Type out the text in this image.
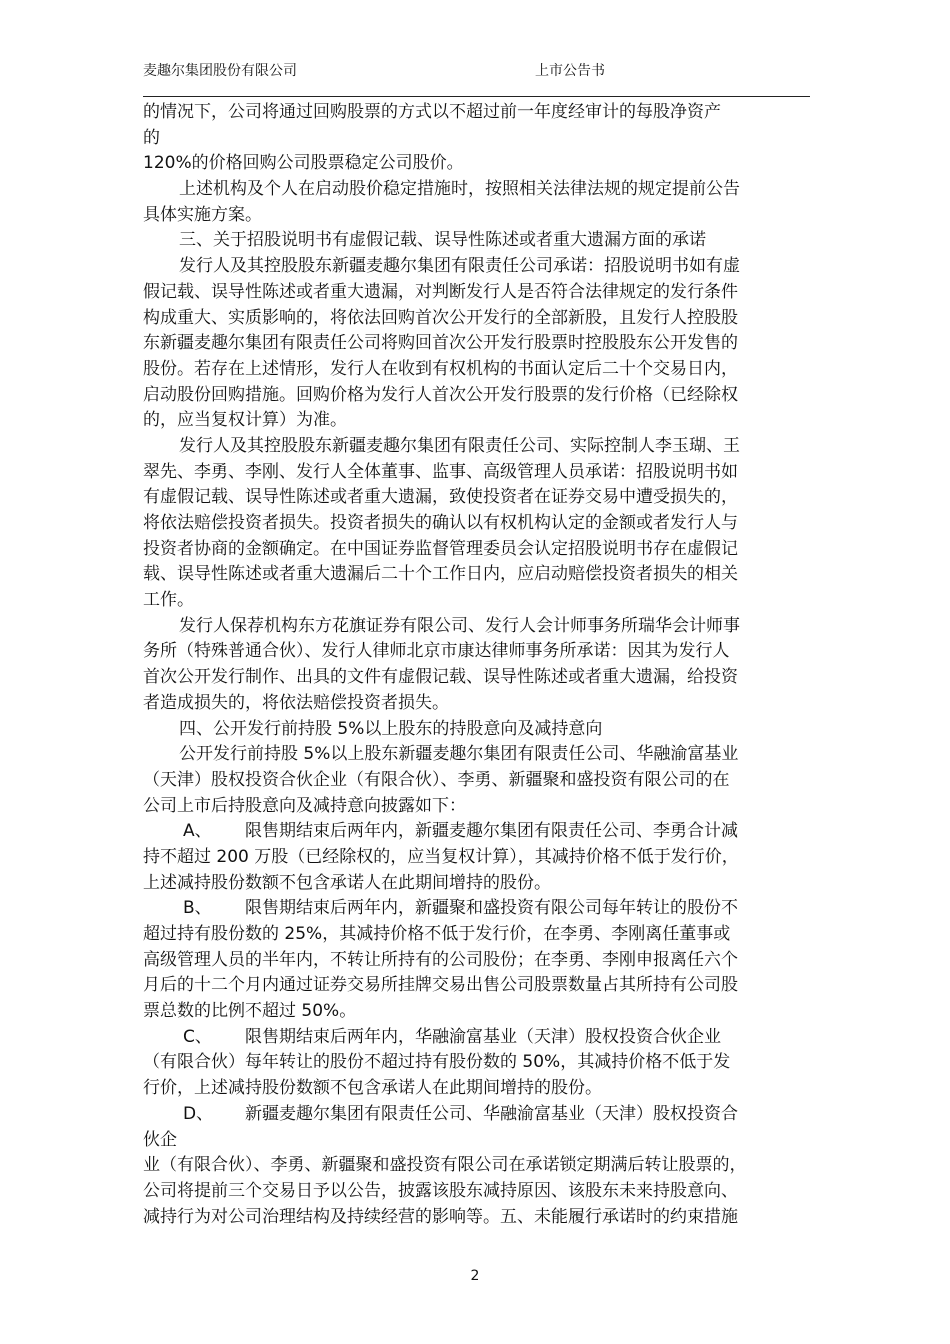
麦趣尔集团股份有限公司	上市公告书
的情况下，公司将通过回购股票的方式以不超过前一年度经审计的每股净资产
的
120%的价格回购公司股票稳定公司股价。
上述机构及个人在启动股价稳定措施时，按照相关法律法规的规定提前公告
具体实施方案。
三、关于招股说明书有虚假记载、误导性陈述或者重大遗漏方面的承诺
发行人及其控股股东新疆麦趣尔集团有限责任公司承诺：招股说明书如有虚
假记载、误导性陈述或者重大遗漏，对判断发行人是否符合法律规定的发行条件
构成重大、实质影响的，将依法回购首次公开发行的全部新股，且发行人控股股
东新疆麦趣尔集团有限责任公司将购回首次公开发行股票时控股股东公开发售的
股份。若存在上述情形，发行人在收到有权机构的书面认定后二十个交易日内，
启动股份回购措施。回购价格为发行人首次公开发行股票的发行价格（已经除权
的，应当复权计算）为准。
发行人及其控股股东新疆麦趣尔集团有限责任公司、实际控制人李玉瑚、王
翠先、李勇、李刚、发行人全体董事、监事、高级管理人员承诺：招股说明书如
有虚假记载、误导性陈述或者重大遗漏，致使投资者在证券交易中遭受损失的，
将依法赔偿投资者损失。投资者损失的确认以有权机构认定的金额或者发行人与
投资者协商的金额确定。在中国证券监督管理委员会认定招股说明书存在虚假记
载、误导性陈述或者重大遗漏后二十个工作日内，应启动赔偿投资者损失的相关
工作。
发行人保荐机构东方花旗证券有限公司、发行人会计师事务所瑞华会计师事
务所（特殊普通合伙）、发行人律师北京市康达律师事务所承诺：因其为发行人
首次公开发行制作、出具的文件有虚假记载、误导性陈述或者重大遗漏，给投资
者造成损失的，将依法赔偿投资者损失。
四、公开发行前持股 5%以上股东的持股意向及减持意向
公开发行前持股 5%以上股东新疆麦趣尔集团有限责任公司、华融渝富基业
（天津）股权投资合伙企业（有限合伙）、李勇、新疆聚和盛投资有限公司的在
公司上市后持股意向及减持意向披露如下：
A、	限售期结束后两年内，新疆麦趣尔集团有限责任公司、李勇合计减
持不超过 200 万股（已经除权的，应当复权计算），其减持价格不低于发行价，
上述减持股份数额不包含承诺人在此期间增持的股份。
B、	限售期结束后两年内，新疆聚和盛投资有限公司每年转让的股份不
超过持有股份数的 25%，其减持价格不低于发行价，在李勇、李刚离任董事或
高级管理人员的半年内，不转让所持有的公司股份；在李勇、李刚申报离任六个
月后的十二个月内通过证券交易所挂牌交易出售公司股票数量占其所持有公司股
票总数的比例不超过 50%。
C、	限售期结束后两年内，华融渝富基业（天津）股权投资合伙企业
（有限合伙）每年转让的股份不超过持有股份数的 50%，其减持价格不低于发
行价，上述减持股份数额不包含承诺人在此期间增持的股份。
D、	新疆麦趣尔集团有限责任公司、华融渝富基业（天津）股权投资合
伙企
业（有限合伙）、李勇、新疆聚和盛投资有限公司在承诺锁定期满后转让股票的，
公司将提前三个交易日予以公告，披露该股东减持原因、该股东未来持股意向、
减持行为对公司治理结构及持续经营的影响等。五、未能履行承诺时的约束措施
2
